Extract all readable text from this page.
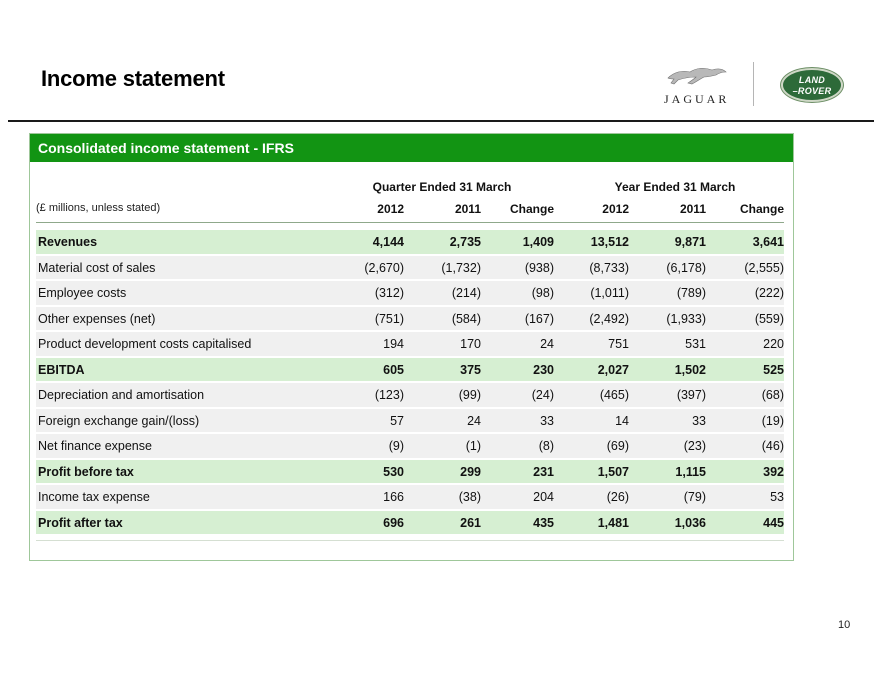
Income statement
JAGUAR
LAND
–ROVER
Consolidated income statement - IFRS
Quarter Ended 31 March	Year Ended 31 March
(£ millions, unless stated)	2012	2011	Change	2012	2011	Change
Revenues	4,144	2,735	1,409	13,512	9,871	3,641
Material cost of sales	(2,670)	(1,732)	(938)	(8,733)	(6,178)	(2,555)
Employee costs	(312)	(214)	(98)	(1,011)	(789)	(222)
Other expenses (net)	(751)	(584)	(167)	(2,492)	(1,933)	(559)
Product development costs capitalised	194	170	24	751	531	220
EBITDA	605	375	230	2,027	1,502	525
Depreciation and amortisation	(123)	(99)	(24)	(465)	(397)	(68)
Foreign exchange gain/(loss)	57	24	33	14	33	(19)
Net finance expense	(9)	(1)	(8)	(69)	(23)	(46)
Profit before tax	530	299	231	1,507	1,115	392
Income tax expense	166	(38)	204	(26)	(79)	53
Profit after tax	696	261	435	1,481	1,036	445
10
